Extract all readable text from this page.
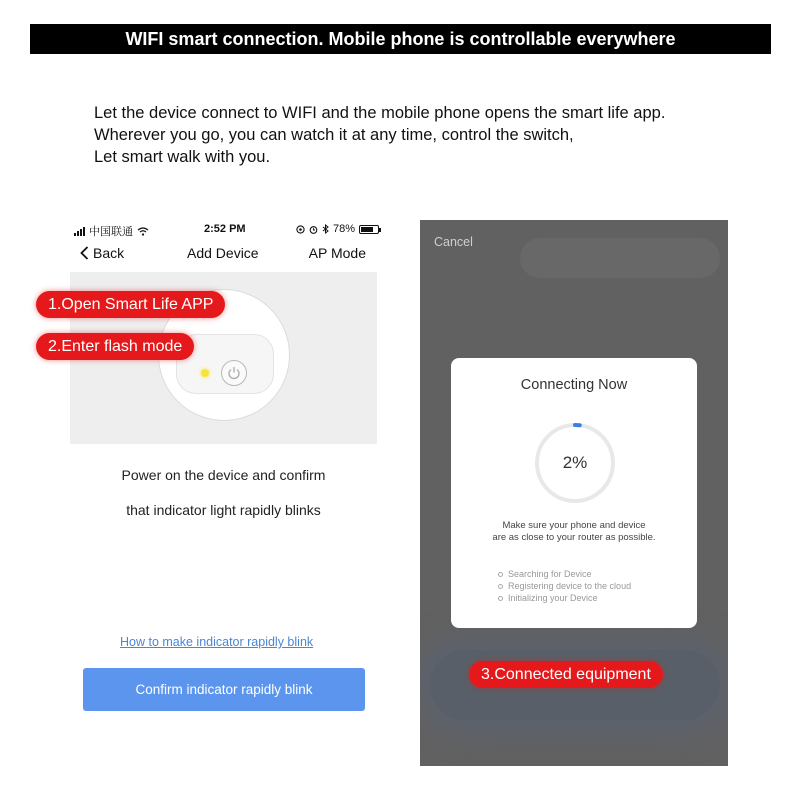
WIFI smart connection. Mobile phone is controllable everywhere
Let the device connect to WIFI and the mobile phone opens the smart life app.
Wherever you go, you can watch it at any time, control the switch,
Let smart walk with you.
中国联通	2:52 PM	78%
Back	Add Device	AP Mode
1.Open Smart Life APP
2.Enter flash mode
Power on the device and confirm
that indicator light rapidly blinks
How to make indicator rapidly blink
Confirm indicator rapidly blink
Cancel
Connecting Now
2%
Make sure your phone and device
are as close to your router as possible.
Searching for Device
Registering device to the cloud
Initializing your Device
3.Connected equipment
